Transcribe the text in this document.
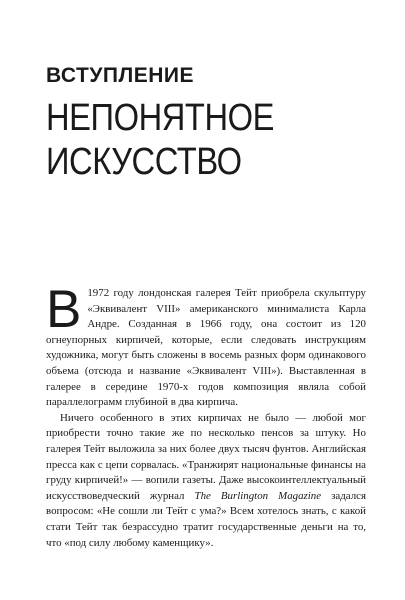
ВСТУПЛЕНИЕ
НЕПОНЯТНОЕ
ИСКУССТВО

В 1972 году лондонская галерея Тейт приобрела скульптуру «Эквивалент VIII» американского минималиста Карла Андре. Созданная в 1966 году, она состоит из 120 огнеупорных кирпичей, которые, если следовать инструкциям художника, могут быть сложены в восемь разных форм одинакового объема (отсюда и название «Эквивалент VIII»). Выставленная в галерее в середине 1970-х годов композиция являла собой параллелограмм глубиной в два кирпича.

Ничего особенного в этих кирпичах не было — любой мог приобрести точно такие же по несколько пенсов за штуку. Но галерея Тейт выложила за них более двух тысяч фунтов. Английская пресса как с цепи сорвалась. «Транжирят национальные финансы на груду кирпичей!» — вопили газеты. Даже высокоинтеллектуальный искусствоведческий журнал The Burlington Magazine задался вопросом: «Не сошли ли Тейт с ума?» Всем хотелось знать, с какой стати Тейт так безрассудно тратит государственные деньги на то, что «под силу любому каменщику».
